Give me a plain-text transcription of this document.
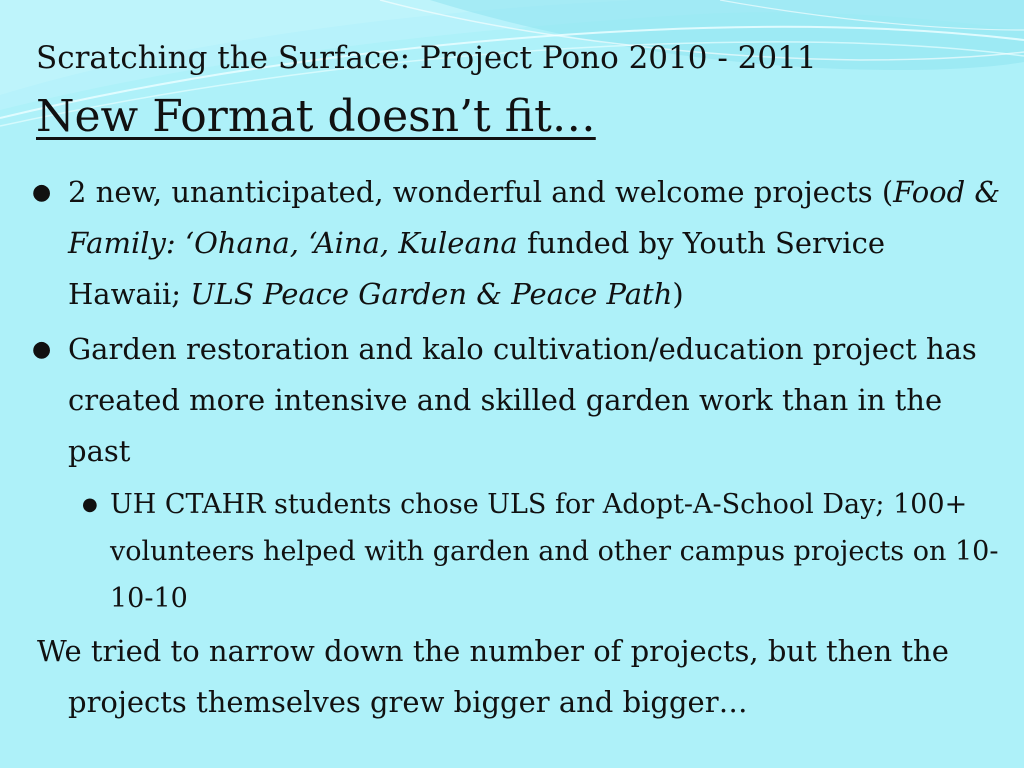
Scratching the Surface: Project Pono 2010 - 2011
New Format doesn’t fit…
● 2 new, unanticipated, wonderful and welcome projects (Food & Family: ‘Ohana, ‘Aina, Kuleana funded by Youth Service Hawaii; ULS Peace Garden & Peace Path)
● Garden restoration and kalo cultivation/education project has created more intensive and skilled garden work than in the past
● UH CTAHR students chose ULS for Adopt-A-School Day; 100+ volunteers helped with garden and other campus projects on 10-10-10
We tried to narrow down the number of projects, but then the projects themselves grew bigger and bigger…
